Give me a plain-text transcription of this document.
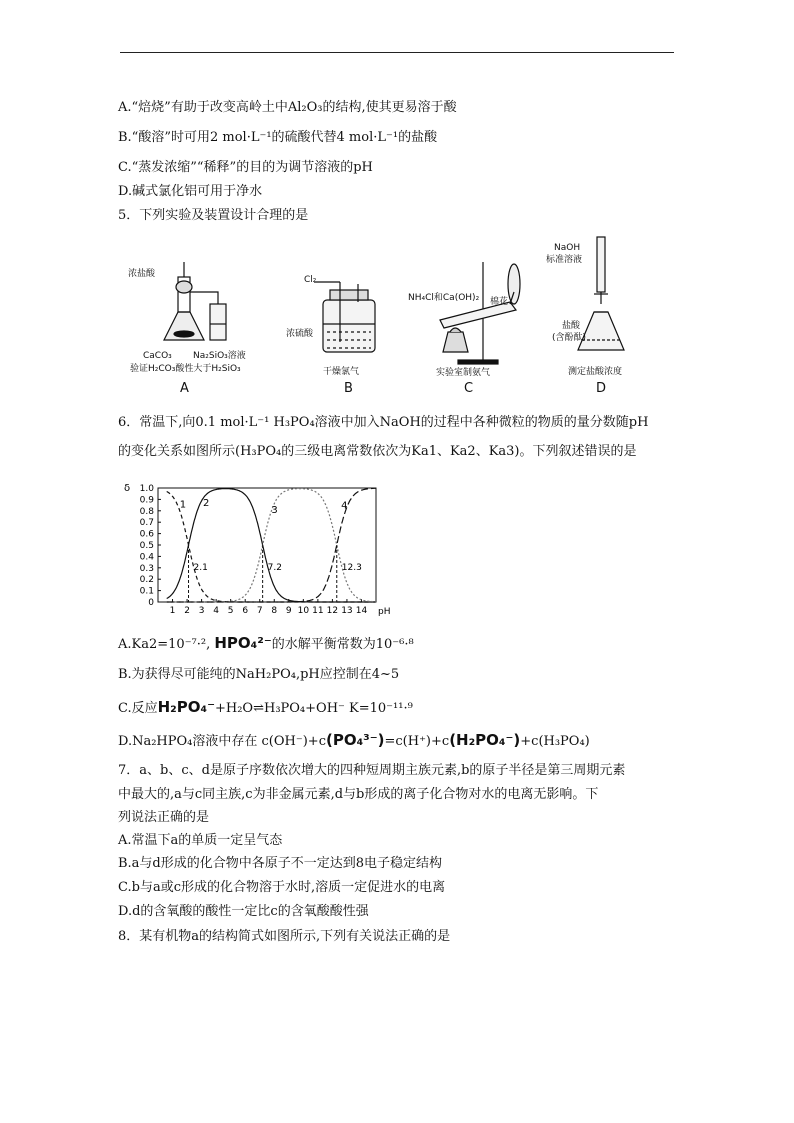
A.“焙烧”有助于改变高岭土中Al₂O₃的结构,使其更易溶于酸
B.“酸溶”时可用2 mol·L⁻¹的硫酸代替4 mol·L⁻¹的盐酸
C.“蒸发浓缩”“稀释”的目的为调节溶液的pH
D.碱式氯化铝可用于净水
5．下列实验及装置设计合理的是
浓盐酸
CaCO₃ Na₂SiO₃溶液
验证H₂CO₃酸性大于H₂SiO₃
A
Cl₂
浓硫酸
干燥氯气
B
NH₄Cl和Ca(OH)₂ 棉花
实验室制氨气
C
NaOH
标准溶液
盐酸
(含酚酞)
测定盐酸浓度
D
6．常温下,向0.1 mol·L⁻¹ H₃PO₄溶液中加入NaOH的过程中各种微粒的物质的量分数随pH
的变化关系如图所示(H₃PO₄的三级电离常数依次为Ka1、Ka2、Ka3)。下列叙述错误的是
1 2 3 4 5 6 7 8 9 10 11 12 13 14
0
0.1
0.2
0.3
0.4
0.5
0.6
0.7
0.8
0.9
1.0
pH
δ
1 2
3	4
2.1	7.2	12.3
A.Ka2=10⁻⁷·², HPO₄²⁻的水解平衡常数为10⁻⁶·⁸
B.为获得尽可能纯的NaH₂PO₄,pH应控制在4~5
C.反应H₂PO₄⁻+H₂O⇌H₃PO₄+OH⁻ K=10⁻¹¹·⁹
D.Na₂HPO₄溶液中存在 c(OH⁻)+c(PO₄³⁻)=c(H⁺)+c(H₂PO₄⁻)+c(H₃PO₄)
7．a、b、c、d是原子序数依次增大的四种短周期主族元素,b的原子半径是第三周期元素
中最大的,a与c同主族,c为非金属元素,d与b形成的离子化合物对水的电离无影响。下
列说法正确的是
A.常温下a的单质一定呈气态
B.a与d形成的化合物中各原子不一定达到8电子稳定结构
C.b与a或c形成的化合物溶于水时,溶质一定促进水的电离
D.d的含氧酸的酸性一定比c的含氧酸酸性强
8．某有机物a的结构简式如图所示,下列有关说法正确的是
